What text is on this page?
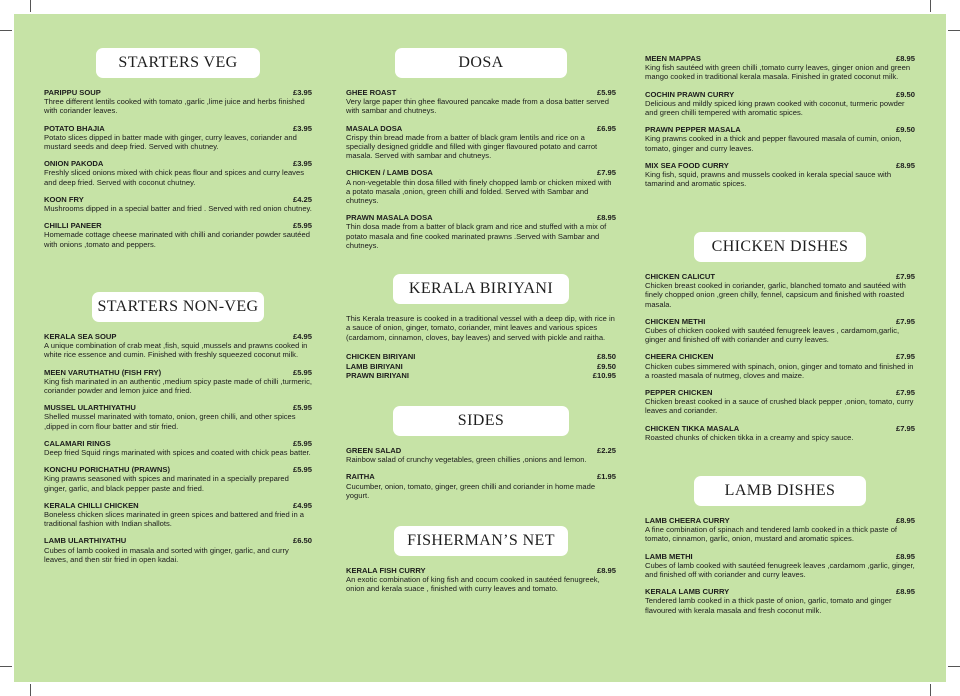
STARTERS VEG
PARIPPU SOUP	£3.95
Three different lentils cooked with tomato ,garlic ,lime juice and herbs finished with coriander leaves.
POTATO BHAJIA	£3.95
Potato slices dipped in batter made with ginger, curry leaves, coriander and mustard seeds and deep fried. Served with chutney.
ONION PAKODA	£3.95
Freshly sliced onions mixed with chick peas flour and spices and curry leaves and deep fried. Served with coconut chutney.
KOON FRY	£4.25
Mushrooms dipped in a special batter and fried . Served with red onion chutney.
CHILLI PANEER	£5.95
Homemade cottage cheese marinated with chilli and coriander powder sautéed with onions ,tomato and peppers.
STARTERS NON-VEG
KERALA SEA SOUP	£4.95
A unique combination of crab meat ,fish, squid ,mussels and prawns cooked in white rice essence and cumin. Finished with freshly squeezed coconut milk.
MEEN VARUTHATHU (FISH FRY)	£5.95
King fish marinated in an authentic ,medium spicy paste made of chilli ,turmeric, coriander powder and lemon juice and fried.
MUSSEL ULARTHIYATHU	£5.95
Shelled mussel marinated with tomato, onion, green chilli, and other spices ,dipped in corn flour batter and stir fried.
CALAMARI RINGS	£5.95
Deep fried Squid rings marinated with spices and coated with chick peas batter.
KONCHU PORICHATHU (PRAWNS)	£5.95
King prawns seasoned with spices and marinated in a specially prepared ginger, garlic, and black pepper paste and fried.
KERALA CHILLI CHICKEN	£4.95
Boneless chicken slices marinated in green spices and battered and fried in a traditional fashion with Indian shallots.
LAMB ULARTHIYATHU	£6.50
Cubes of lamb cooked in masala and sorted with ginger, garlic, and curry leaves, and then stir fried in open kadai.
DOSA
GHEE ROAST	£5.95
Very large paper thin ghee flavoured pancake made from a dosa batter served with sambar and chutneys.
MASALA DOSA	£6.95
Crispy thin bread made from a batter of black gram lentils and rice on a specially designed griddle and filled with ginger flavoured potato and carrot masala. Served with sambar and chutneys.
CHICKEN / LAMB DOSA	£7.95
A non-vegetable thin dosa filled with finely chopped lamb or chicken mixed with a potato masala ,onion, green chilli and folded. Served with Sambar and chutneys.
PRAWN MASALA DOSA	£8.95
Thin dosa made from a batter of black gram and rice and stuffed with a mix of potato masala and fine cooked marinated prawns .Served with Sambar and chutneys.
KERALA BIRIYANI
This Kerala treasure is cooked in a traditional vessel with a deep dip, with rice in a sauce of onion, ginger, tomato, coriander, mint leaves and various spices (cardamom, cinnamon, cloves, bay leaves) and served with pickle and raitha.
CHICKEN BIRIYANI	£8.50
LAMB BIRIYANI	£9.50
PRAWN BIRIYANI	£10.95
SIDES
GREEN SALAD	£2.25
Rainbow salad of crunchy vegetables, green chillies ,onions and lemon.
RAITHA	£1.95
Cucumber, onion, tomato, ginger, green chilli and coriander in home made yogurt.
FISHERMAN’S NET
KERALA FISH CURRY	£8.95
An exotic combination of king fish and cocum cooked in sautéed fenugreek, onion and kerala suace , finished with curry leaves and tomato.
MEEN MAPPAS	£8.95
King fish sautéed with green chilli ,tomato curry leaves, ginger onion and green mango cooked in traditional kerala masala. Finished in grated coconut milk.
COCHIN PRAWN CURRY	£9.50
Delicious and mildly spiced king prawn cooked with coconut, turmeric powder and green chilli tempered with aromatic spices.
PRAWN PEPPER MASALA	£9.50
King prawns cooked in a thick and pepper flavoured masala of cumin, onion, tomato, ginger and curry leaves.
MIX SEA FOOD CURRY	£8.95
King fish, squid, prawns and mussels cooked in kerala special sauce with tamarind and aromatic spices.
CHICKEN DISHES
CHICKEN CALICUT	£7.95
Chicken breast cooked in coriander, garlic, blanched tomato and sautéed with finely chopped onion ,green chilly, fennel, capsicum and finished with roasted masala.
CHICKEN METHI	£7.95
Cubes of chicken cooked with sautéed fenugreek leaves , cardamom,garlic, ginger and finished off with coriander and curry leaves.
CHEERA CHICKEN	£7.95
Chicken cubes simmered with spinach, onion, ginger and tomato and finished in a roasted masala of nutmeg, cloves and maize.
PEPPER CHICKEN	£7.95
Chicken breast cooked in a sauce of crushed black pepper ,onion, tomato, curry leaves and coriander.
CHICKEN TIKKA MASALA	£7.95
Roasted chunks of chicken tikka in a creamy and spicy sauce.
LAMB DISHES
LAMB CHEERA CURRY	£8.95
A fine combination of spinach and tendered lamb cooked in a thick paste of tomato, cinnamon, garlic, onion, mustard and aromatic spices.
LAMB METHI	£8.95
Cubes of lamb cooked with sautéed fenugreek leaves ,cardamom ,garlic, ginger, and finished off with coriander and curry leaves.
KERALA LAMB CURRY	£8.95
Tendered lamb cooked in a thick paste of onion, garlic, tomato and ginger flavoured with kerala masala and fresh coconut milk.
